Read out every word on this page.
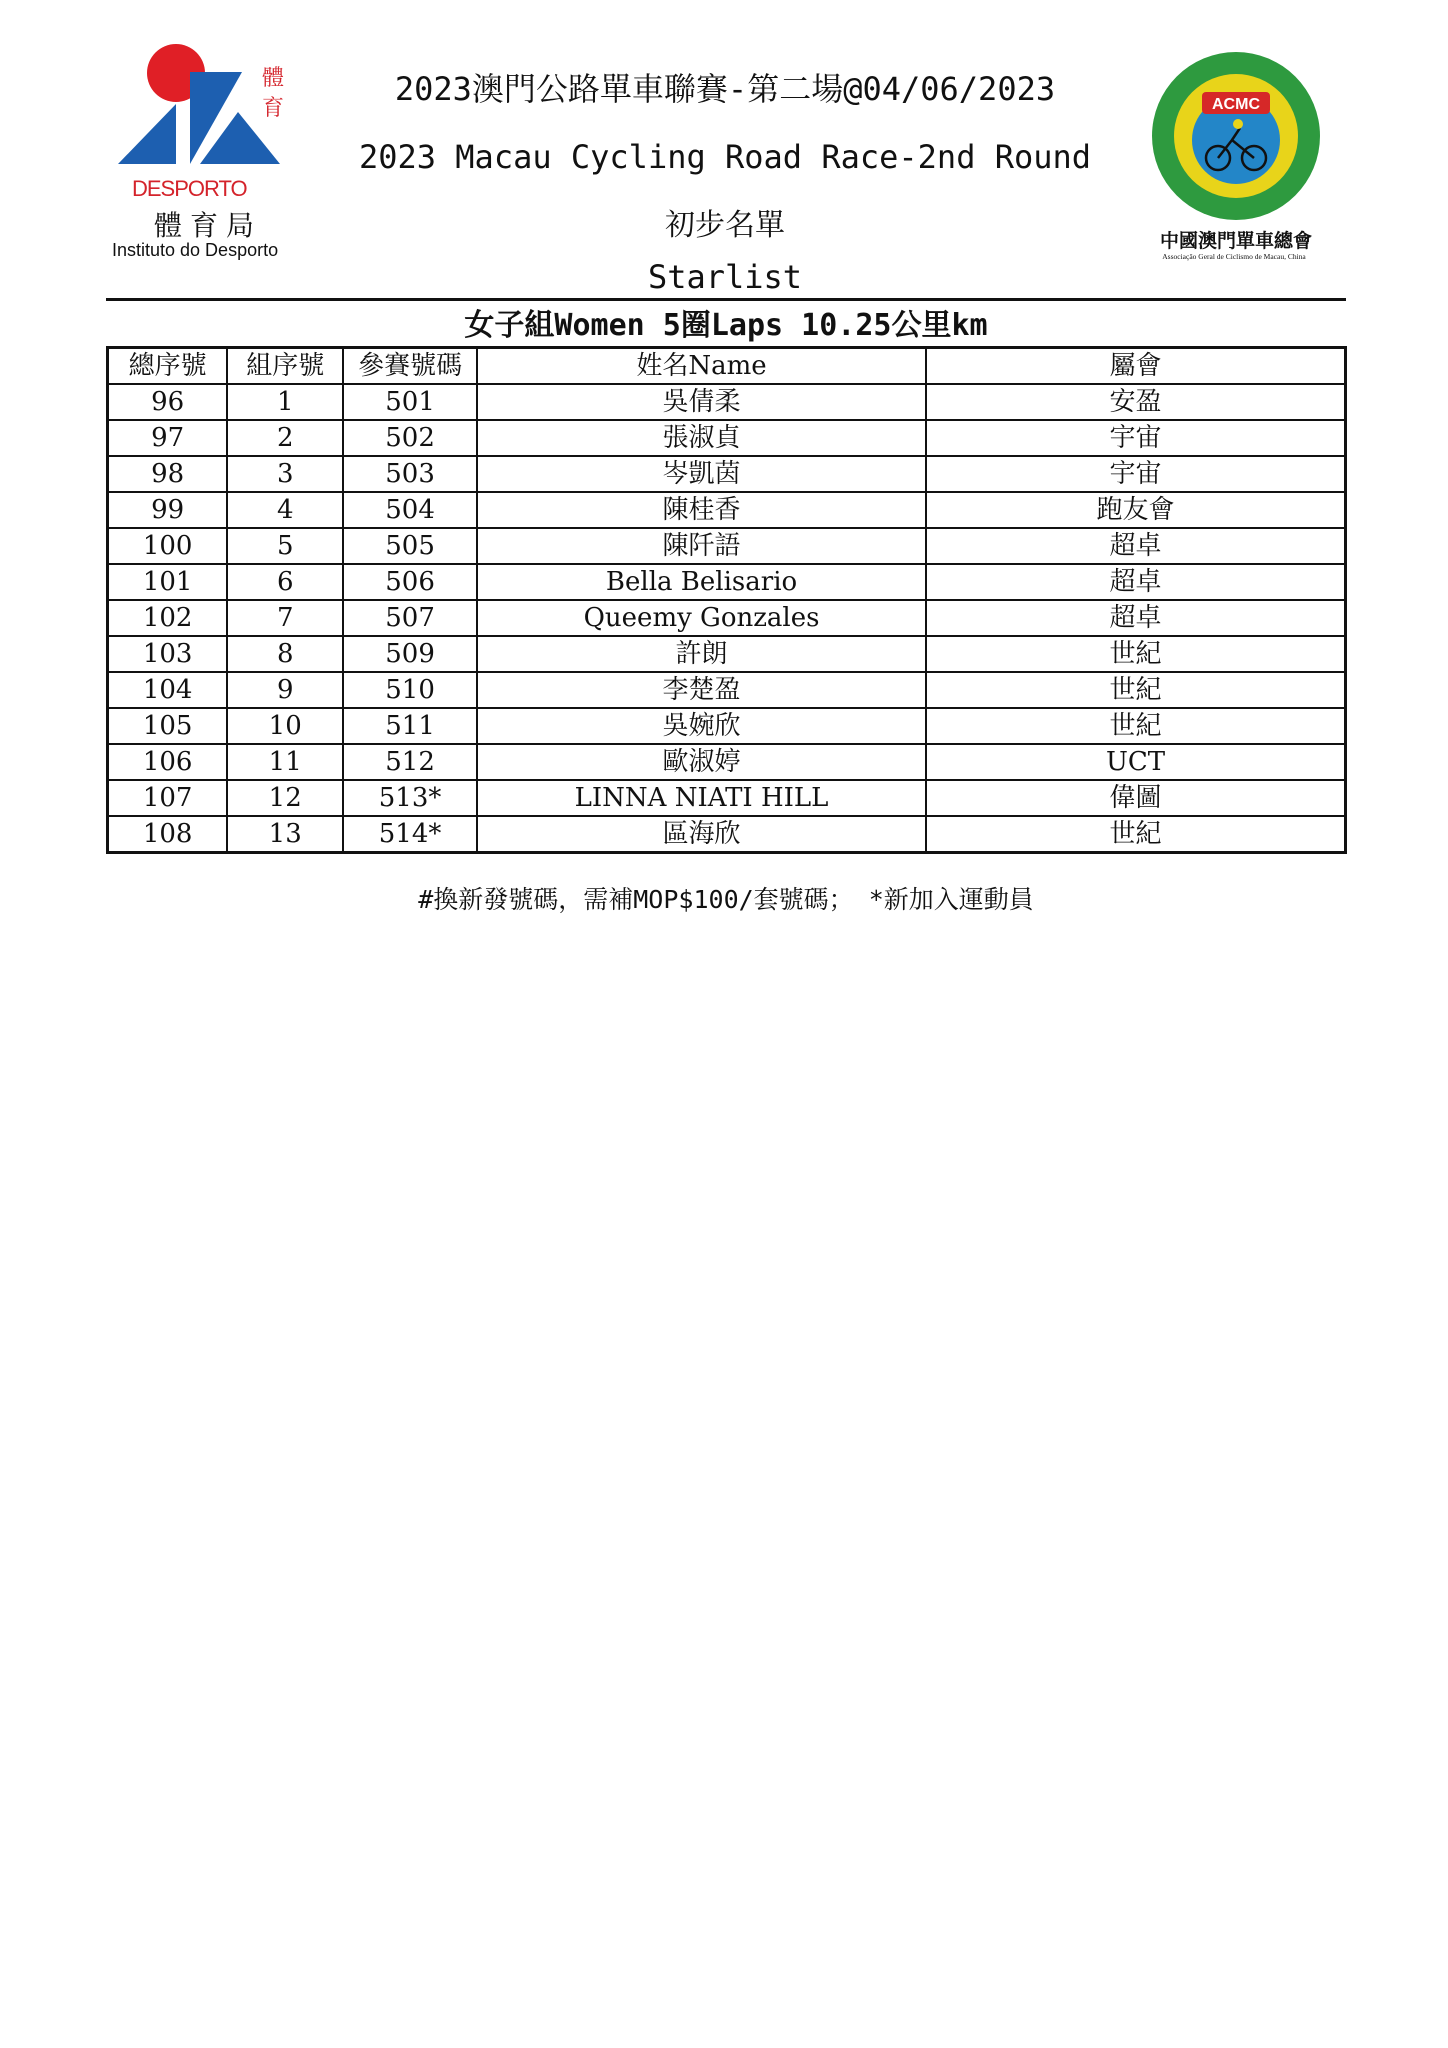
體
育
DESPORTO
體育局
Instituto do Desporto
2023澳門公路單車聯賽-第二場@04/06/2023
2023 Macau Cycling Road Race-2nd Round
初步名單
Starlist
ACMC
中國澳門單車總會
Associação Geral de Ciclismo de Macau, China
女子組Women 5圈Laps 10.25公里km
總序號	組序號	參賽號碼	姓名Name	屬會
96	1	501	吳倩柔	安盈
97	2	502	張淑貞	宇宙
98	3	503	岑凱茵	宇宙
99	4	504	陳桂香	跑友會
100	5	505	陳阡語	超卓
101	6	506	Bella Belisario	超卓
102	7	507	Queemy Gonzales	超卓
103	8	509	許朗	世紀
104	9	510	李楚盈	世紀
105	10	511	吳婉欣	世紀
106	11	512	歐淑婷	UCT
107	12	513*	LINNA NIATI HILL	偉圖
108	13	514*	區海欣	世紀
#換新發號碼，需補MOP$100/套號碼； *新加入運動員
